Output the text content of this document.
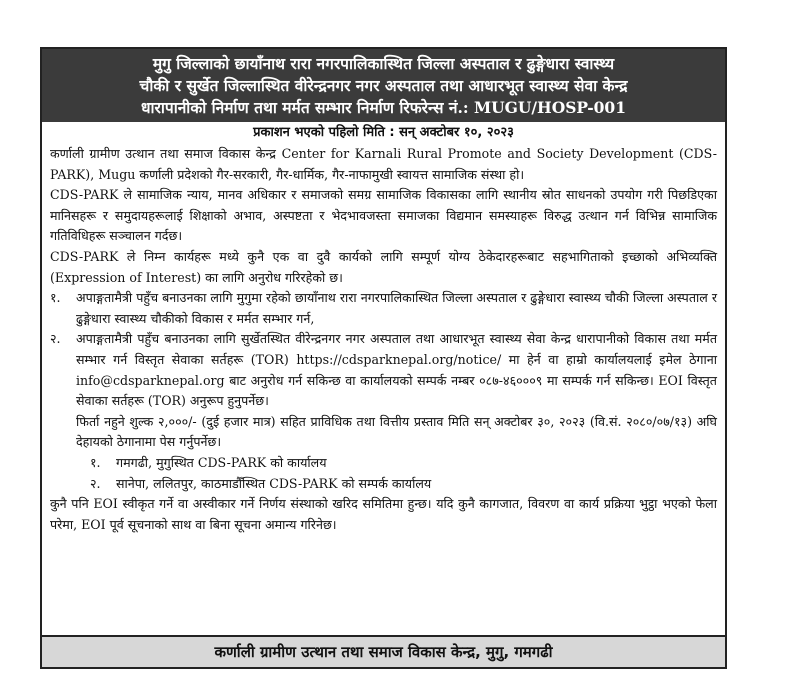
मुगु जिल्लाको छायाँनाथ रारा नगरपालिकास्थित जिल्ला अस्पताल र ढुङ्गेधारा स्वास्थ्य
चौकी र सुर्खेत जिल्लास्थित वीरेन्द्रनगर नगर अस्पताल तथा आधारभूत स्वास्थ्य सेवा केन्द्र
धारापानीको निर्माण तथा मर्मत सम्भार निर्माण रिफरेन्स नं.: MUGU/HOSP-001
प्रकाशन भएको पहिलो मिति : सन् अक्टोबर १०, २०२३

कर्णाली ग्रामीण उत्थान तथा समाज विकास केन्द्र Center for Karnali Rural Promote and Society Development (CDS-PARK), Mugu कर्णाली प्रदेशको गैर-सरकारी, गैर-धार्मिक, गैर-नाफामुखी स्वायत्त सामाजिक संस्था हो।

CDS-PARK ले सामाजिक न्याय, मानव अधिकार र समाजको समग्र सामाजिक विकासका लागि स्थानीय स्रोत साधनको उपयोग गरी पिछडिएका मानिसहरू र समुदायहरूलाई शिक्षाको अभाव, अस्पष्टता र भेदभावजस्ता समाजका विद्यमान समस्याहरू विरुद्ध उत्थान गर्न विभिन्न सामाजिक गतिविधिहरू सञ्चालन गर्दछ।

CDS-PARK ले निम्न कार्यहरू मध्ये कुनै एक वा दुवै कार्यको लागि सम्पूर्ण योग्य ठेकेदारहरूबाट सहभागिताको इच्छाको अभिव्यक्ति (Expression of Interest) का लागि अनुरोध गरिरहेको छ।

१.	अपाङ्गतामैत्री पहुँच बनाउनका लागि मुगुमा रहेको छायाँनाथ रारा नगरपालिकास्थित जिल्ला अस्पताल र ढुङ्गेधारा स्वास्थ्य चौकी जिल्ला अस्पताल र ढुङ्गेधारा स्वास्थ्य चौकीको विकास र मर्मत सम्भार गर्न,
२.	अपाङ्गतामैत्री पहुँच बनाउनका लागि सुर्खेतस्थित वीरेन्द्रनगर नगर अस्पताल तथा आधारभूत स्वास्थ्य सेवा केन्द्र धारापानीको विकास तथा मर्मत सम्भार गर्न विस्तृत सेवाका सर्तहरू (TOR) https://cdsparknepal.org/notice/ मा हेर्न वा हाम्रो कार्यालयलाई इमेल ठेगाना info@cdsparknepal.org बाट अनुरोध गर्न सकिन्छ वा कार्यालयको सम्पर्क नम्बर ०८७-४६०००९ मा सम्पर्क गर्न सकिन्छ। EOI विस्तृत सेवाका सर्तहरू (TOR) अनुरूप हुनुपर्नेछ।
फिर्ता नहुने शुल्क २,०००/- (दुई हजार मात्र) सहित प्राविधिक तथा वित्तीय प्रस्ताव मिति सन् अक्टोबर ३०, २०२३ (वि.सं. २०८०/०७/१३) अघि देहायको ठेगानामा पेस गर्नुपर्नेछ।
१.	गमगढी, मुगुस्थित CDS-PARK को कार्यालय
२.	सानेपा, ललितपुर, काठमाडौँस्थित CDS-PARK को सम्पर्क कार्यालय

कुनै पनि EOI स्वीकृत गर्ने वा अस्वीकार गर्ने निर्णय संस्थाको खरिद समितिमा हुन्छ। यदि कुनै कागजात, विवरण वा कार्य प्रक्रिया भुट्ठा भएको फेला परेमा, EOI पूर्व सूचनाको साथ वा बिना सूचना अमान्य गरिनेछ।

कर्णाली ग्रामीण उत्थान तथा समाज विकास केन्द्र, मुगु, गमगढी
